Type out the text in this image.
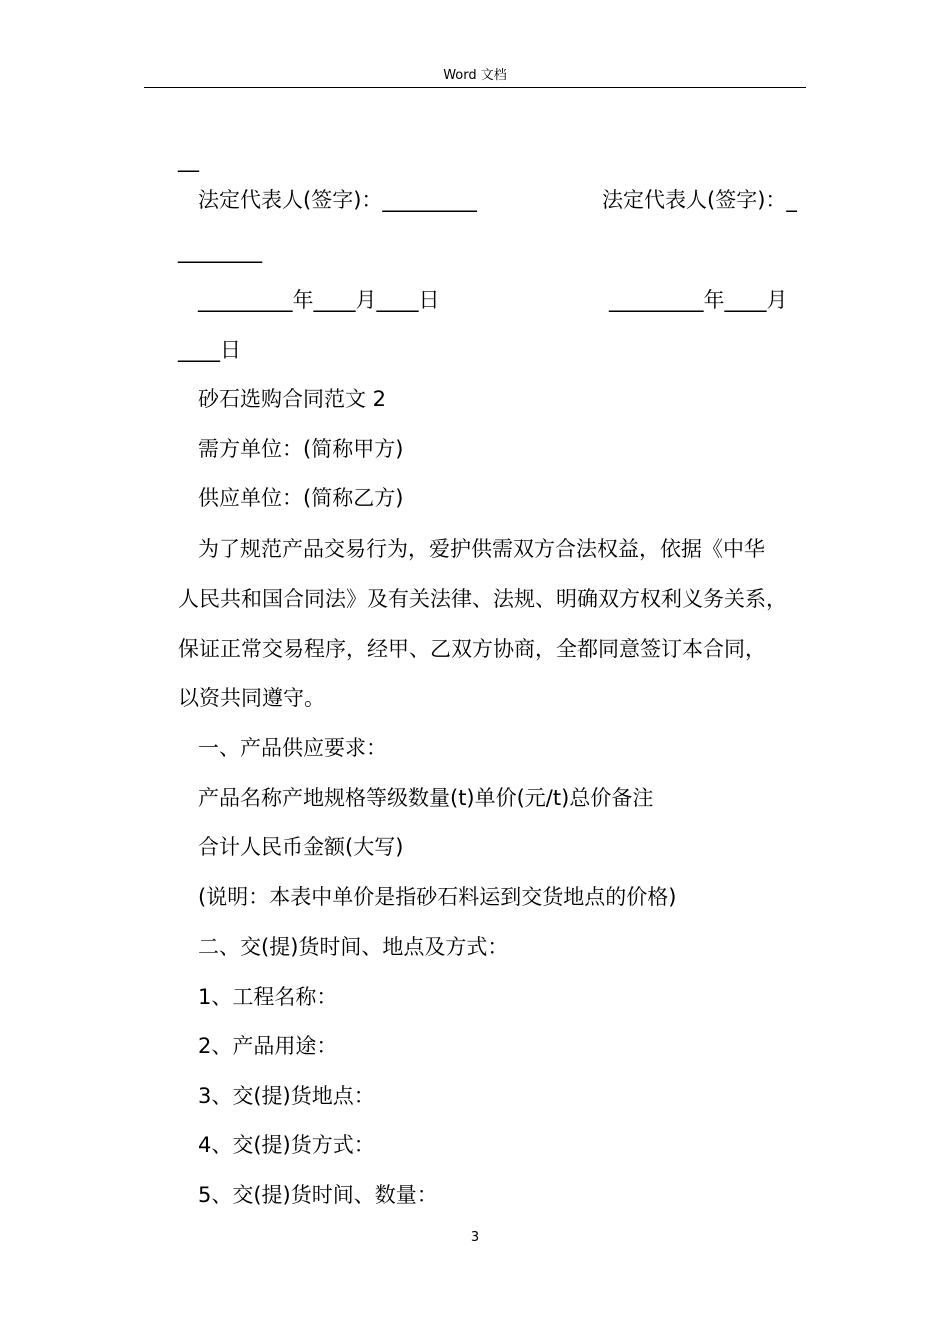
Word 文档
__
法定代表人(签字)：_________	法定代表人(签字)：_
________
_________年____月____日	_________年____月
____日
砂石选购合同范文 2
需方单位：(简称甲方)
供应单位：(简称乙方)
为了规范产品交易行为，爱护供需双方合法权益，依据《中华
人民共和国合同法》及有关法律、法规、明确双方权利义务关系，
保证正常交易程序，经甲、乙双方协商，全都同意签订本合同，
以资共同遵守。
一、产品供应要求：
产品名称产地规格等级数量(t)单价(元/t)总价备注
合计人民币金额(大写)
(说明：本表中单价是指砂石料运到交货地点的价格)
二、交(提)货时间、地点及方式：
1、工程名称：
2、产品用途：
3、交(提)货地点：
4、交(提)货方式：
5、交(提)货时间、数量：
3
